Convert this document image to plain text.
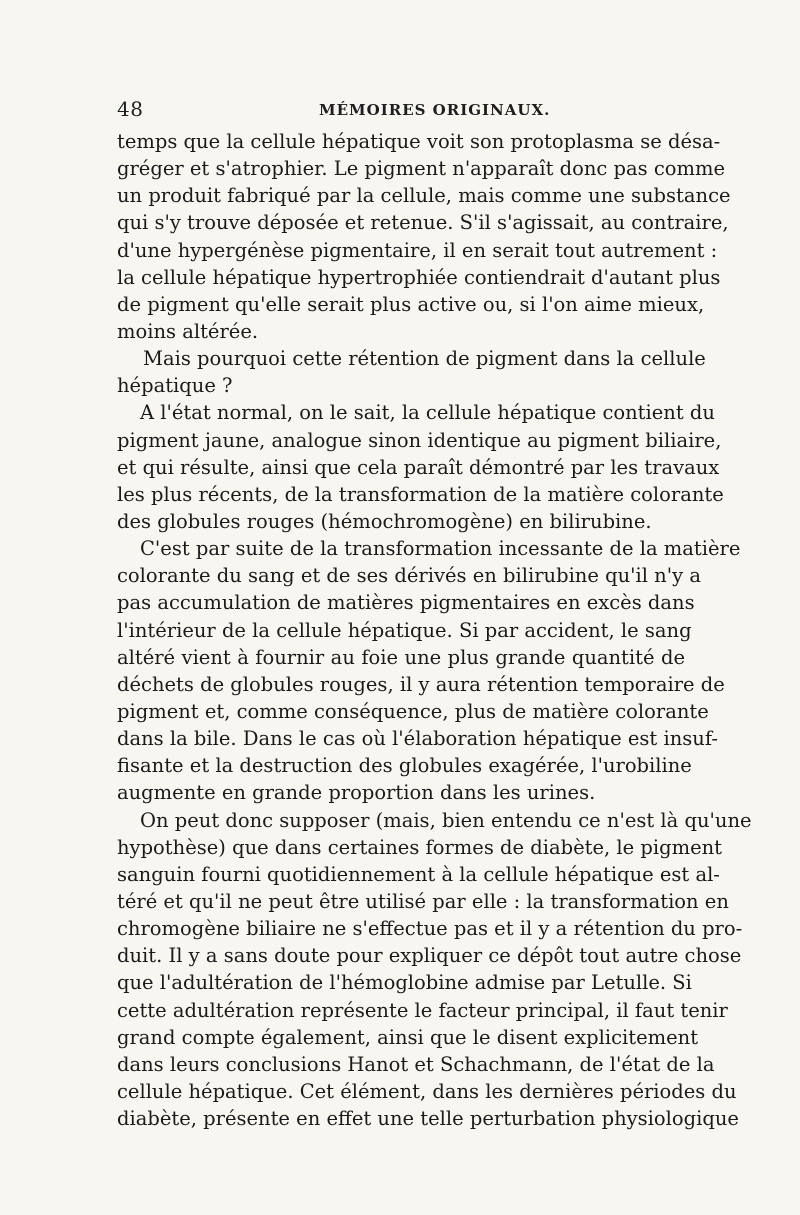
48	MÉMOIRES ORIGINAUX.
temps que la cellule hépatique voit son protoplasma se désa-
gréger et s'atrophier. Le pigment n'apparaît donc pas comme
un produit fabriqué par la cellule, mais comme une substance
qui s'y trouve déposée et retenue. S'il s'agissait, au contraire,
d'une hypergénèse pigmentaire, il en serait tout autrement :
la cellule hépatique hypertrophiée contiendrait d'autant plus
de pigment qu'elle serait plus active ou, si l'on aime mieux,
moins altérée.
Mais pourquoi cette rétention de pigment dans la cellule
hépatique ?
A l'état normal, on le sait, la cellule hépatique contient du
pigment jaune, analogue sinon identique au pigment biliaire,
et qui résulte, ainsi que cela paraît démontré par les travaux
les plus récents, de la transformation de la matière colorante
des globules rouges (hémochromogène) en bilirubine.
C'est par suite de la transformation incessante de la matière
colorante du sang et de ses dérivés en bilirubine qu'il n'y a
pas accumulation de matières pigmentaires en excès dans
l'intérieur de la cellule hépatique. Si par accident, le sang
altéré vient à fournir au foie une plus grande quantité de
déchets de globules rouges, il y aura rétention temporaire de
pigment et, comme conséquence, plus de matière colorante
dans la bile. Dans le cas où l'élaboration hépatique est insuf-
fisante et la destruction des globules exagérée, l'urobiline
augmente en grande proportion dans les urines.
On peut donc supposer (mais, bien entendu ce n'est là qu'une
hypothèse) que dans certaines formes de diabète, le pigment
sanguin fourni quotidiennement à la cellule hépatique est al-
téré et qu'il ne peut être utilisé par elle : la transformation en
chromogène biliaire ne s'effectue pas et il y a rétention du pro-
duit. Il y a sans doute pour expliquer ce dépôt tout autre chose
que l'adultération de l'hémoglobine admise par Letulle. Si
cette adultération représente le facteur principal, il faut tenir
grand compte également, ainsi que le disent explicitement
dans leurs conclusions Hanot et Schachmann, de l'état de la
cellule hépatique. Cet élément, dans les dernières périodes du
diabète, présente en effet une telle perturbation physiologique
